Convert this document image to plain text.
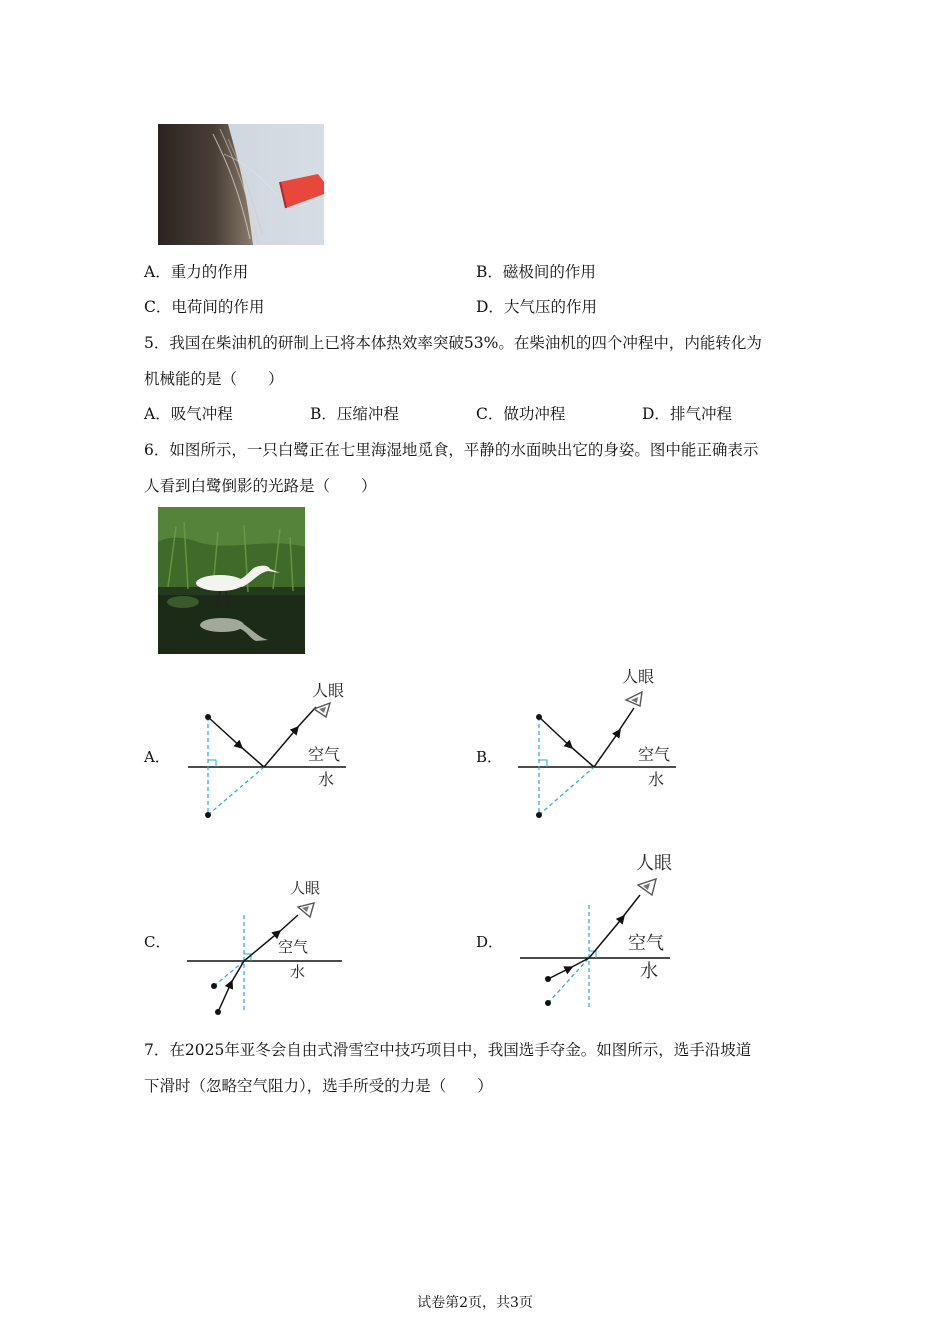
A．重力的作用	B．磁极间的作用
C．电荷间的作用	D．大气压的作用
5．我国在柴油机的研制上已将本体热效率突破53%。在柴油机的四个冲程中，内能转化为
机械能的是（　　）
A．吸气冲程	B．压缩冲程	C．做功冲程	D．排气冲程
6．如图所示，一只白鹭正在七里海湿地觅食，平静的水面映出它的身姿。图中能正确表示
人看到白鹭倒影的光路是（　　）
A．
人眼
空气
水
B．
人眼
空气
水
C．
人眼
空气
水
D．
人眼
空气
水
7．在2025年亚冬会自由式滑雪空中技巧项目中，我国选手夺金。如图所示，选手沿坡道
下滑时（忽略空气阻力），选手所受的力是（　　）
试卷第2页，共3页
